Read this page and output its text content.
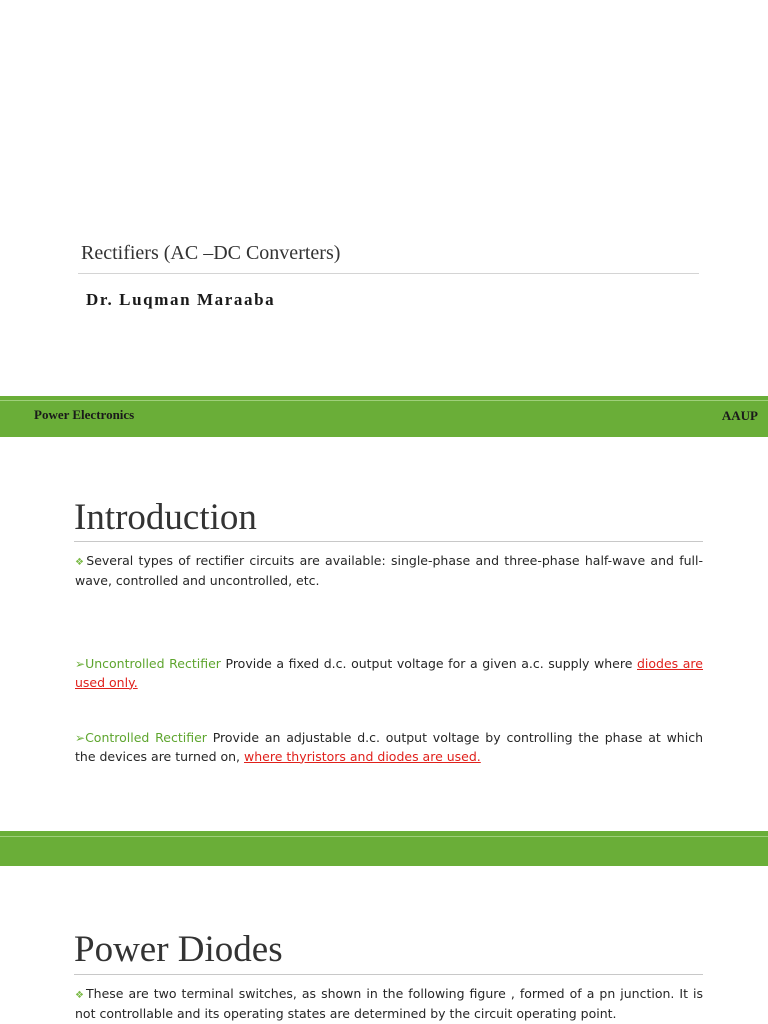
Rectifiers (AC –DC Converters)
Dr. Luqman Maraaba
Power Electronics	AAUP
Introduction
❖Several types of rectifier circuits are available: single-phase and three-phase half-wave and full-wave, controlled and uncontrolled, etc.
➢Uncontrolled Rectifier Provide a fixed d.c. output voltage for a given a.c. supply where diodes are used only.
➢Controlled Rectifier Provide an adjustable d.c. output voltage by controlling the phase at which the devices are turned on, where thyristors and diodes are used.
Power Diodes
❖These are two terminal switches, as shown in the following figure , formed of a pn junction. It is not controllable and its operating states are determined by the circuit operating point.
